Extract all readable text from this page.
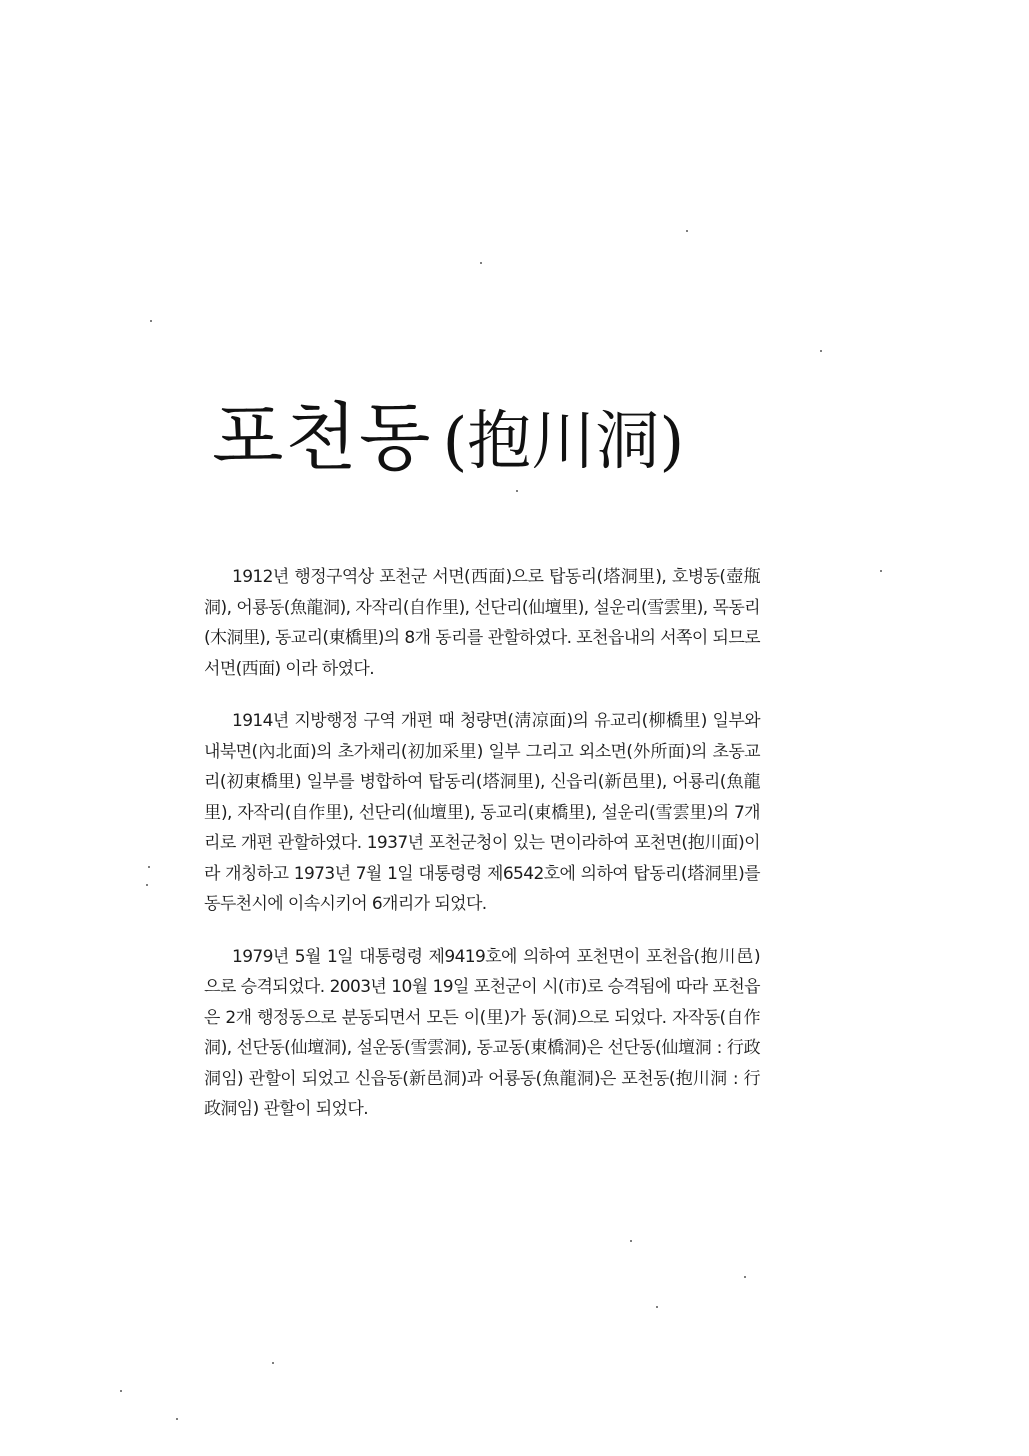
포천동 (抱川洞)

1912년 행정구역상 포천군 서면(西面)으로 탑동리(塔洞里), 호병동(壺甁洞), 어룡동(魚龍洞), 자작리(自作里), 선단리(仙壇里), 설운리(雪雲里), 목동리(木洞里), 동교리(東橋里)의 8개 동리를 관할하였다. 포천읍내의 서쪽이 되므로 서면(西面) 이라 하였다.

1914년 지방행정 구역 개편 때 청량면(淸凉面)의 유교리(柳橋里) 일부와 내북면(內北面)의 초가채리(初加采里) 일부 그리고 외소면(外所面)의 초동교리(初東橋里) 일부를 병합하여 탑동리(塔洞里), 신읍리(新邑里), 어룡리(魚龍里), 자작리(自作里), 선단리(仙壇里), 동교리(東橋里), 설운리(雪雲里)의 7개리로 개편 관할하였다. 1937년 포천군청이 있는 면이라하여 포천면(抱川面)이라 개칭하고 1973년 7월 1일 대통령령 제6542호에 의하여 탑동리(塔洞里)를 동두천시에 이속시키어 6개리가 되었다.

1979년 5월 1일 대통령령 제9419호에 의하여 포천면이 포천읍(抱川邑)으로 승격되었다. 2003년 10월 19일 포천군이 시(市)로 승격됨에 따라 포천읍은 2개 행정동으로 분동되면서 모든 이(里)가 동(洞)으로 되었다. 자작동(自作洞), 선단동(仙壇洞), 설운동(雪雲洞), 동교동(東橋洞)은 선단동(仙壇洞 : 行政洞임) 관할이 되었고 신읍동(新邑洞)과 어룡동(魚龍洞)은 포천동(抱川洞 : 行政洞임) 관할이 되었다.
